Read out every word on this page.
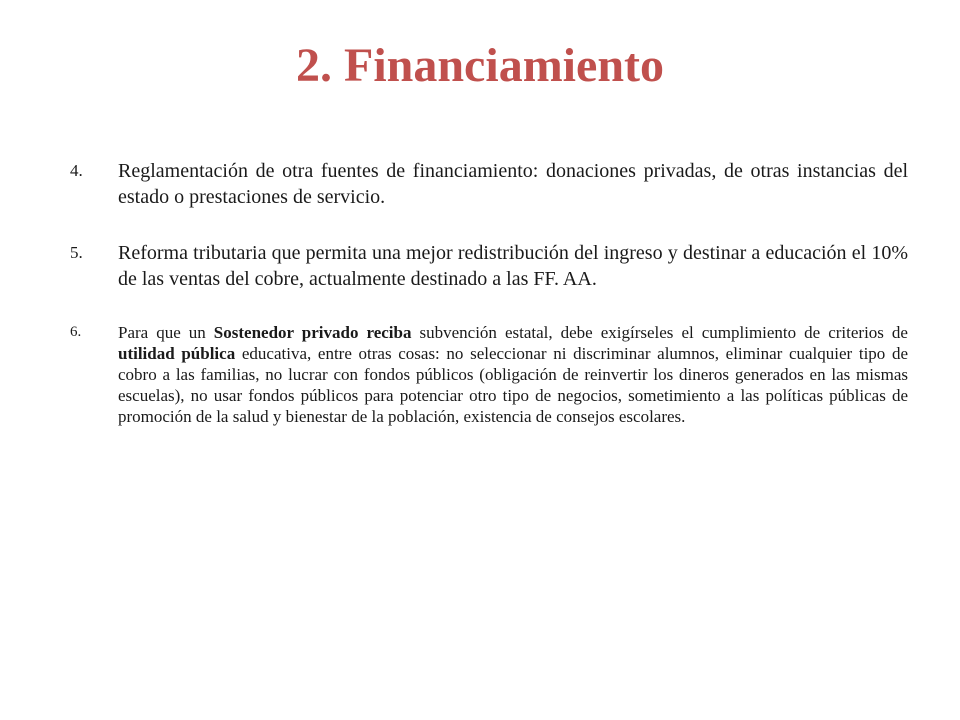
2. Financiamiento
4. Reglamentación de otra fuentes de financiamiento: donaciones privadas, de otras instancias del estado o prestaciones de servicio.
5. Reforma tributaria que permita una mejor redistribución del ingreso y destinar a educación el 10% de las ventas del cobre, actualmente destinado a las FF. AA.
6. Para que un Sostenedor privado reciba subvención estatal, debe exigírseles el cumplimiento de criterios de utilidad pública educativa, entre otras cosas: no seleccionar ni discriminar alumnos, eliminar cualquier tipo de cobro a las familias, no lucrar con fondos públicos (obligación de reinvertir los dineros generados en las mismas escuelas), no usar fondos públicos para potenciar otro tipo de negocios, sometimiento a las políticas públicas de promoción de la salud y bienestar de la población, existencia de consejos escolares.
